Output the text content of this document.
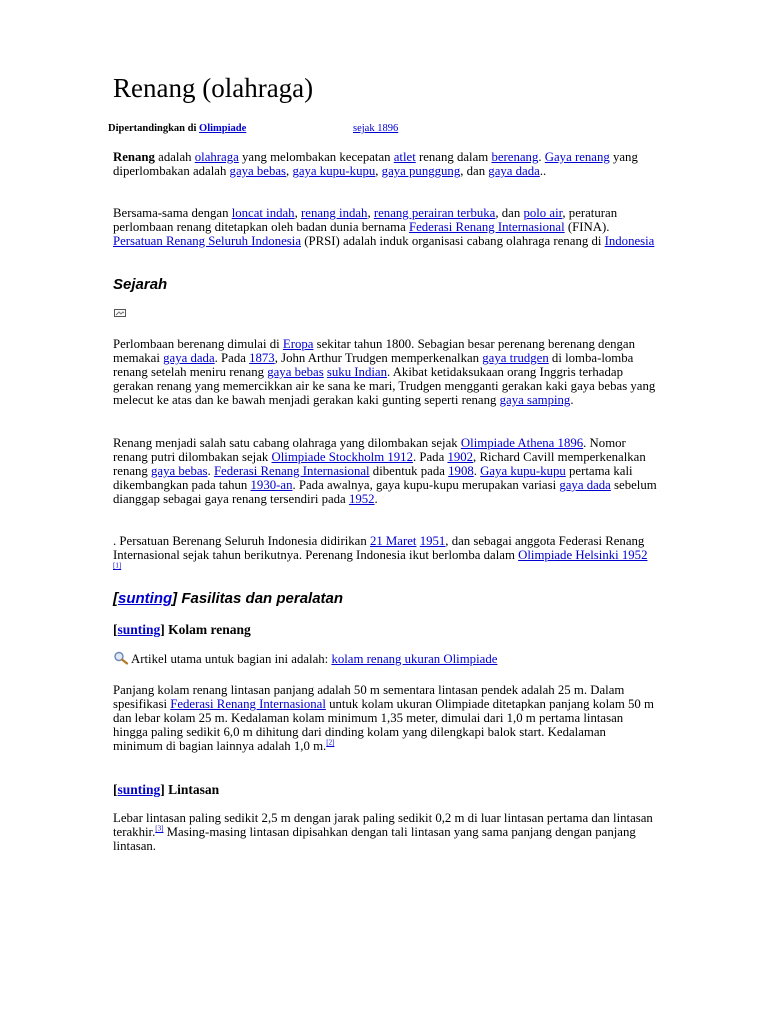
Renang (olahraga)
Dipertandingkan di Olimpiade	sejak 1896

Renang adalah olahraga yang melombakan kecepatan atlet renang dalam berenang. Gaya renang yang diperlombakan adalah gaya bebas, gaya kupu-kupu, gaya punggung, dan gaya dada..

Bersama-sama dengan loncat indah, renang indah, renang perairan terbuka, dan polo air, peraturan perlombaan renang ditetapkan oleh badan dunia bernama Federasi Renang Internasional (FINA). Persatuan Renang Seluruh Indonesia (PRSI) adalah induk organisasi cabang olahraga renang di Indonesia

Sejarah

Perlombaan berenang dimulai di Eropa sekitar tahun 1800. Sebagian besar perenang berenang dengan memakai gaya dada. Pada 1873, John Arthur Trudgen memperkenalkan gaya trudgen di lomba-lomba renang setelah meniru renang gaya bebas suku Indian. Akibat ketidaksukaan orang Inggris terhadap gerakan renang yang memercikkan air ke sana ke mari, Trudgen mengganti gerakan kaki gaya bebas yang melecut ke atas dan ke bawah menjadi gerakan kaki gunting seperti renang gaya samping.

Renang menjadi salah satu cabang olahraga yang dilombakan sejak Olimpiade Athena 1896. Nomor renang putri dilombakan sejak Olimpiade Stockholm 1912. Pada 1902, Richard Cavill memperkenalkan renang gaya bebas. Federasi Renang Internasional dibentuk pada 1908. Gaya kupu-kupu pertama kali dikembangkan pada tahun 1930-an. Pada awalnya, gaya kupu-kupu merupakan variasi gaya dada sebelum dianggap sebagai gaya renang tersendiri pada 1952.

. Persatuan Berenang Seluruh Indonesia didirikan 21 Maret 1951, dan sebagai anggota Federasi Renang Internasional sejak tahun berikutnya. Perenang Indonesia ikut berlomba dalam Olimpiade Helsinki 1952 [1]

[sunting] Fasilitas dan peralatan
[sunting] Kolam renang

Artikel utama untuk bagian ini adalah: kolam renang ukuran Olimpiade

Panjang kolam renang lintasan panjang adalah 50 m sementara lintasan pendek adalah 25 m. Dalam spesifikasi Federasi Renang Internasional untuk kolam ukuran Olimpiade ditetapkan panjang kolam 50 m dan lebar kolam 25 m. Kedalaman kolam minimum 1,35 meter, dimulai dari 1,0 m pertama lintasan hingga paling sedikit 6,0 m dihitung dari dinding kolam yang dilengkapi balok start. Kedalaman minimum di bagian lainnya adalah 1,0 m.[2]

[sunting] Lintasan

Lebar lintasan paling sedikit 2,5 m dengan jarak paling sedikit 0,2 m di luar lintasan pertama dan lintasan terakhir.[3] Masing-masing lintasan dipisahkan dengan tali lintasan yang sama panjang dengan panjang lintasan.
